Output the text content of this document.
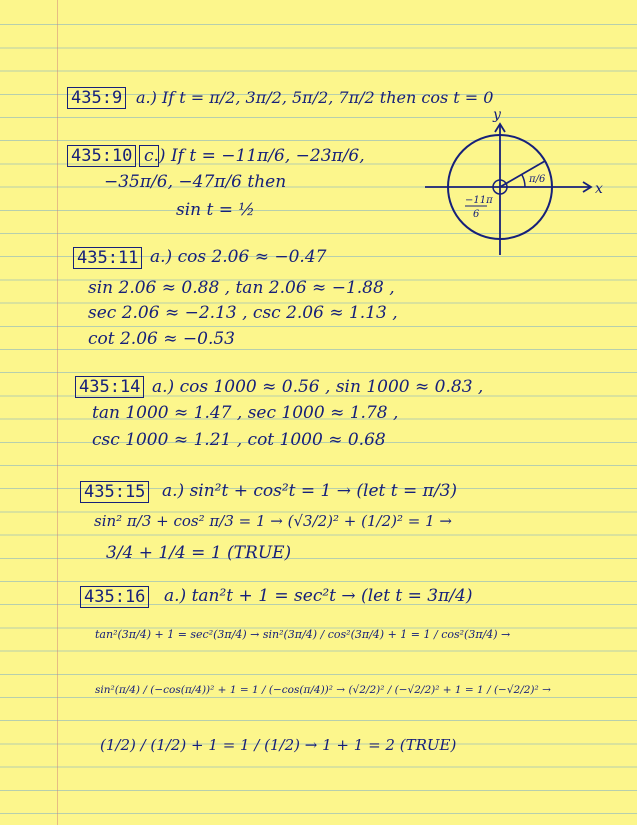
435:9 a.) If t = π/2, 3π/2, 5π/2, 7π/2 then cos t = 0
435:10 c.) If t = −11π/6, −23π/6,
−35π/6, −47π/6 then
sin t = ½
y
x
π/6
−11π
6
435:11 a.) cos 2.06 ≈ −0.47
sin 2.06 ≈ 0.88 , tan 2.06 ≈ −1.88 ,
sec 2.06 ≈ −2.13 , csc 2.06 ≈ 1.13 ,
cot 2.06 ≈ −0.53
435:14 a.) cos 1000 ≈ 0.56 , sin 1000 ≈ 0.83 ,
tan 1000 ≈ 1.47 , sec 1000 ≈ 1.78 ,
csc 1000 ≈ 1.21 , cot 1000 ≈ 0.68
435:15 a.) sin²t + cos²t = 1 → (let t = π/3)
sin² π/3 + cos² π/3 = 1 → (√3/2)² + (1/2)² = 1 →
3/4 + 1/4 = 1 (TRUE)
435:16 a.) tan²t + 1 = sec²t → (let t = 3π/4)
tan²(3π/4) + 1 = sec²(3π/4) → sin²(3π/4) / cos²(3π/4) + 1 = 1 / cos²(3π/4) →
sin²(π/4) / (−cos(π/4))² + 1 = 1 / (−cos(π/4))² → (√2/2)² / (−√2/2)² + 1 = 1 / (−√2/2)² →
(1/2) / (1/2) + 1 = 1 / (1/2) → 1 + 1 = 2 (TRUE)
